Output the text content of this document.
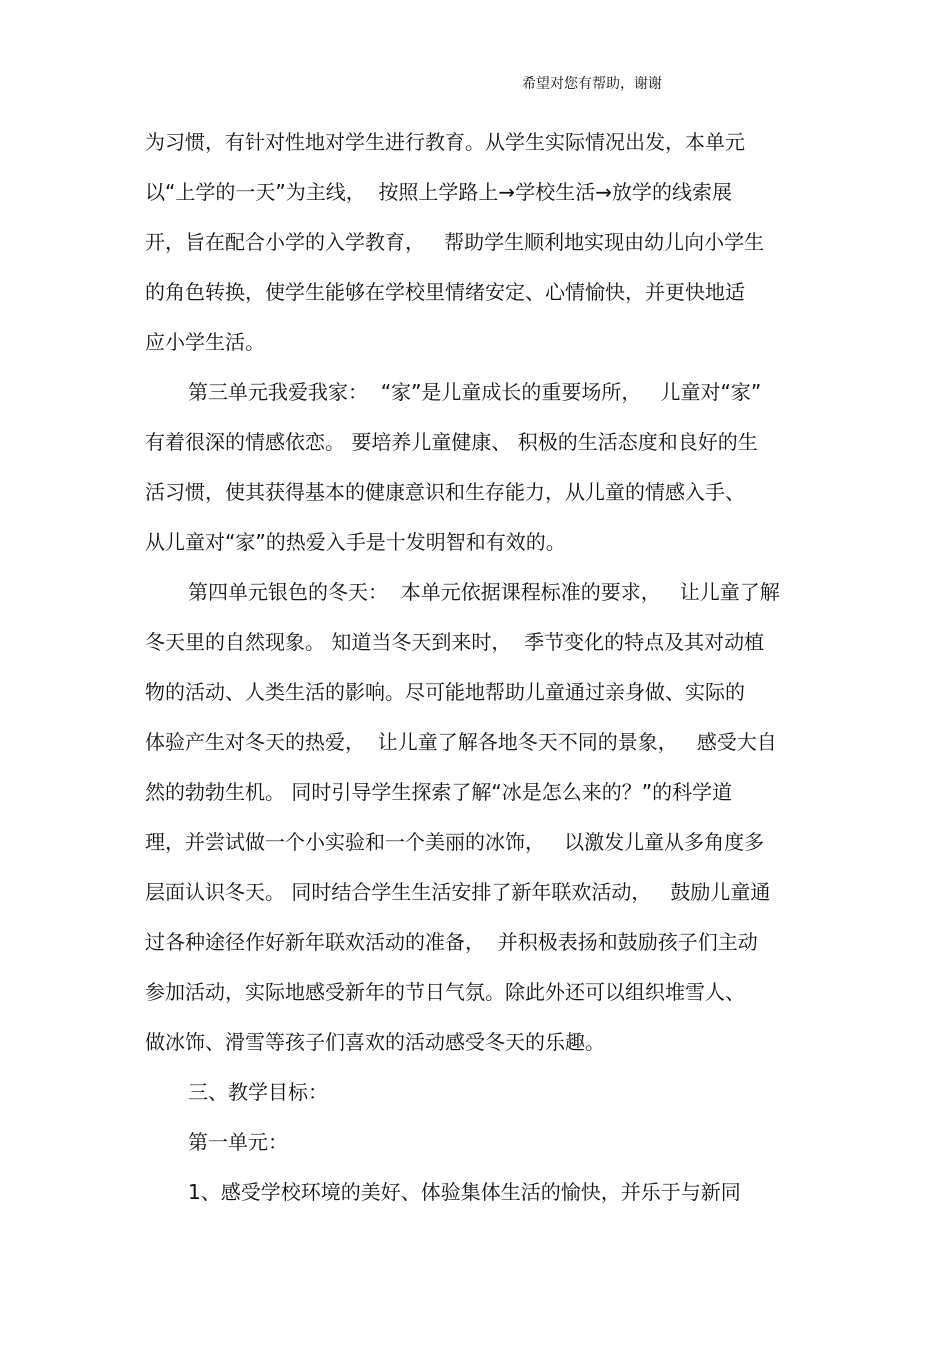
希望对您有帮助，谢谢
为习惯，有针对性地对学生进行教育。从学生实际情况出发，本单元
以“上学的一天”为主线，  按照上学路上→学校生活→放学的线索展
开，旨在配合小学的入学教育，   帮助学生顺利地实现由幼儿向小学生
的角色转换，使学生能够在学校里情绪安定、心情愉快，并更快地适
应小学生活。
第三单元我爱我家：  “家”是儿童成长的重要场所，   儿童对“家”
有着很深的情感依恋。 要培养儿童健康、 积极的生活态度和良好的生
活习惯，使其获得基本的健康意识和生存能力，从儿童的情感入手、
从儿童对“家”的热爱入手是十发明智和有效的。
第四单元银色的冬天：  本单元依据课程标准的要求，   让儿童了解
冬天里的自然现象。 知道当冬天到来时，  季节变化的特点及其对动植
物的活动、人类生活的影响。尽可能地帮助儿童通过亲身做、实际的
体验产生对冬天的热爱，  让儿童了解各地冬天不同的景象，   感受大自
然的勃勃生机。 同时引导学生探索了解“冰是怎么来的？”的科学道
理，并尝试做一个小实验和一个美丽的冰饰，   以激发儿童从多角度多
层面认识冬天。 同时结合学生生活安排了新年联欢活动，   鼓励儿童通
过各种途径作好新年联欢活动的准备，  并积极表扬和鼓励孩子们主动
参加活动，实际地感受新年的节日气氛。除此外还可以组织堆雪人、
做冰饰、滑雪等孩子们喜欢的活动感受冬天的乐趣。
三、教学目标：
第一单元：
1、感受学校环境的美好、体验集体生活的愉快，并乐于与新同
